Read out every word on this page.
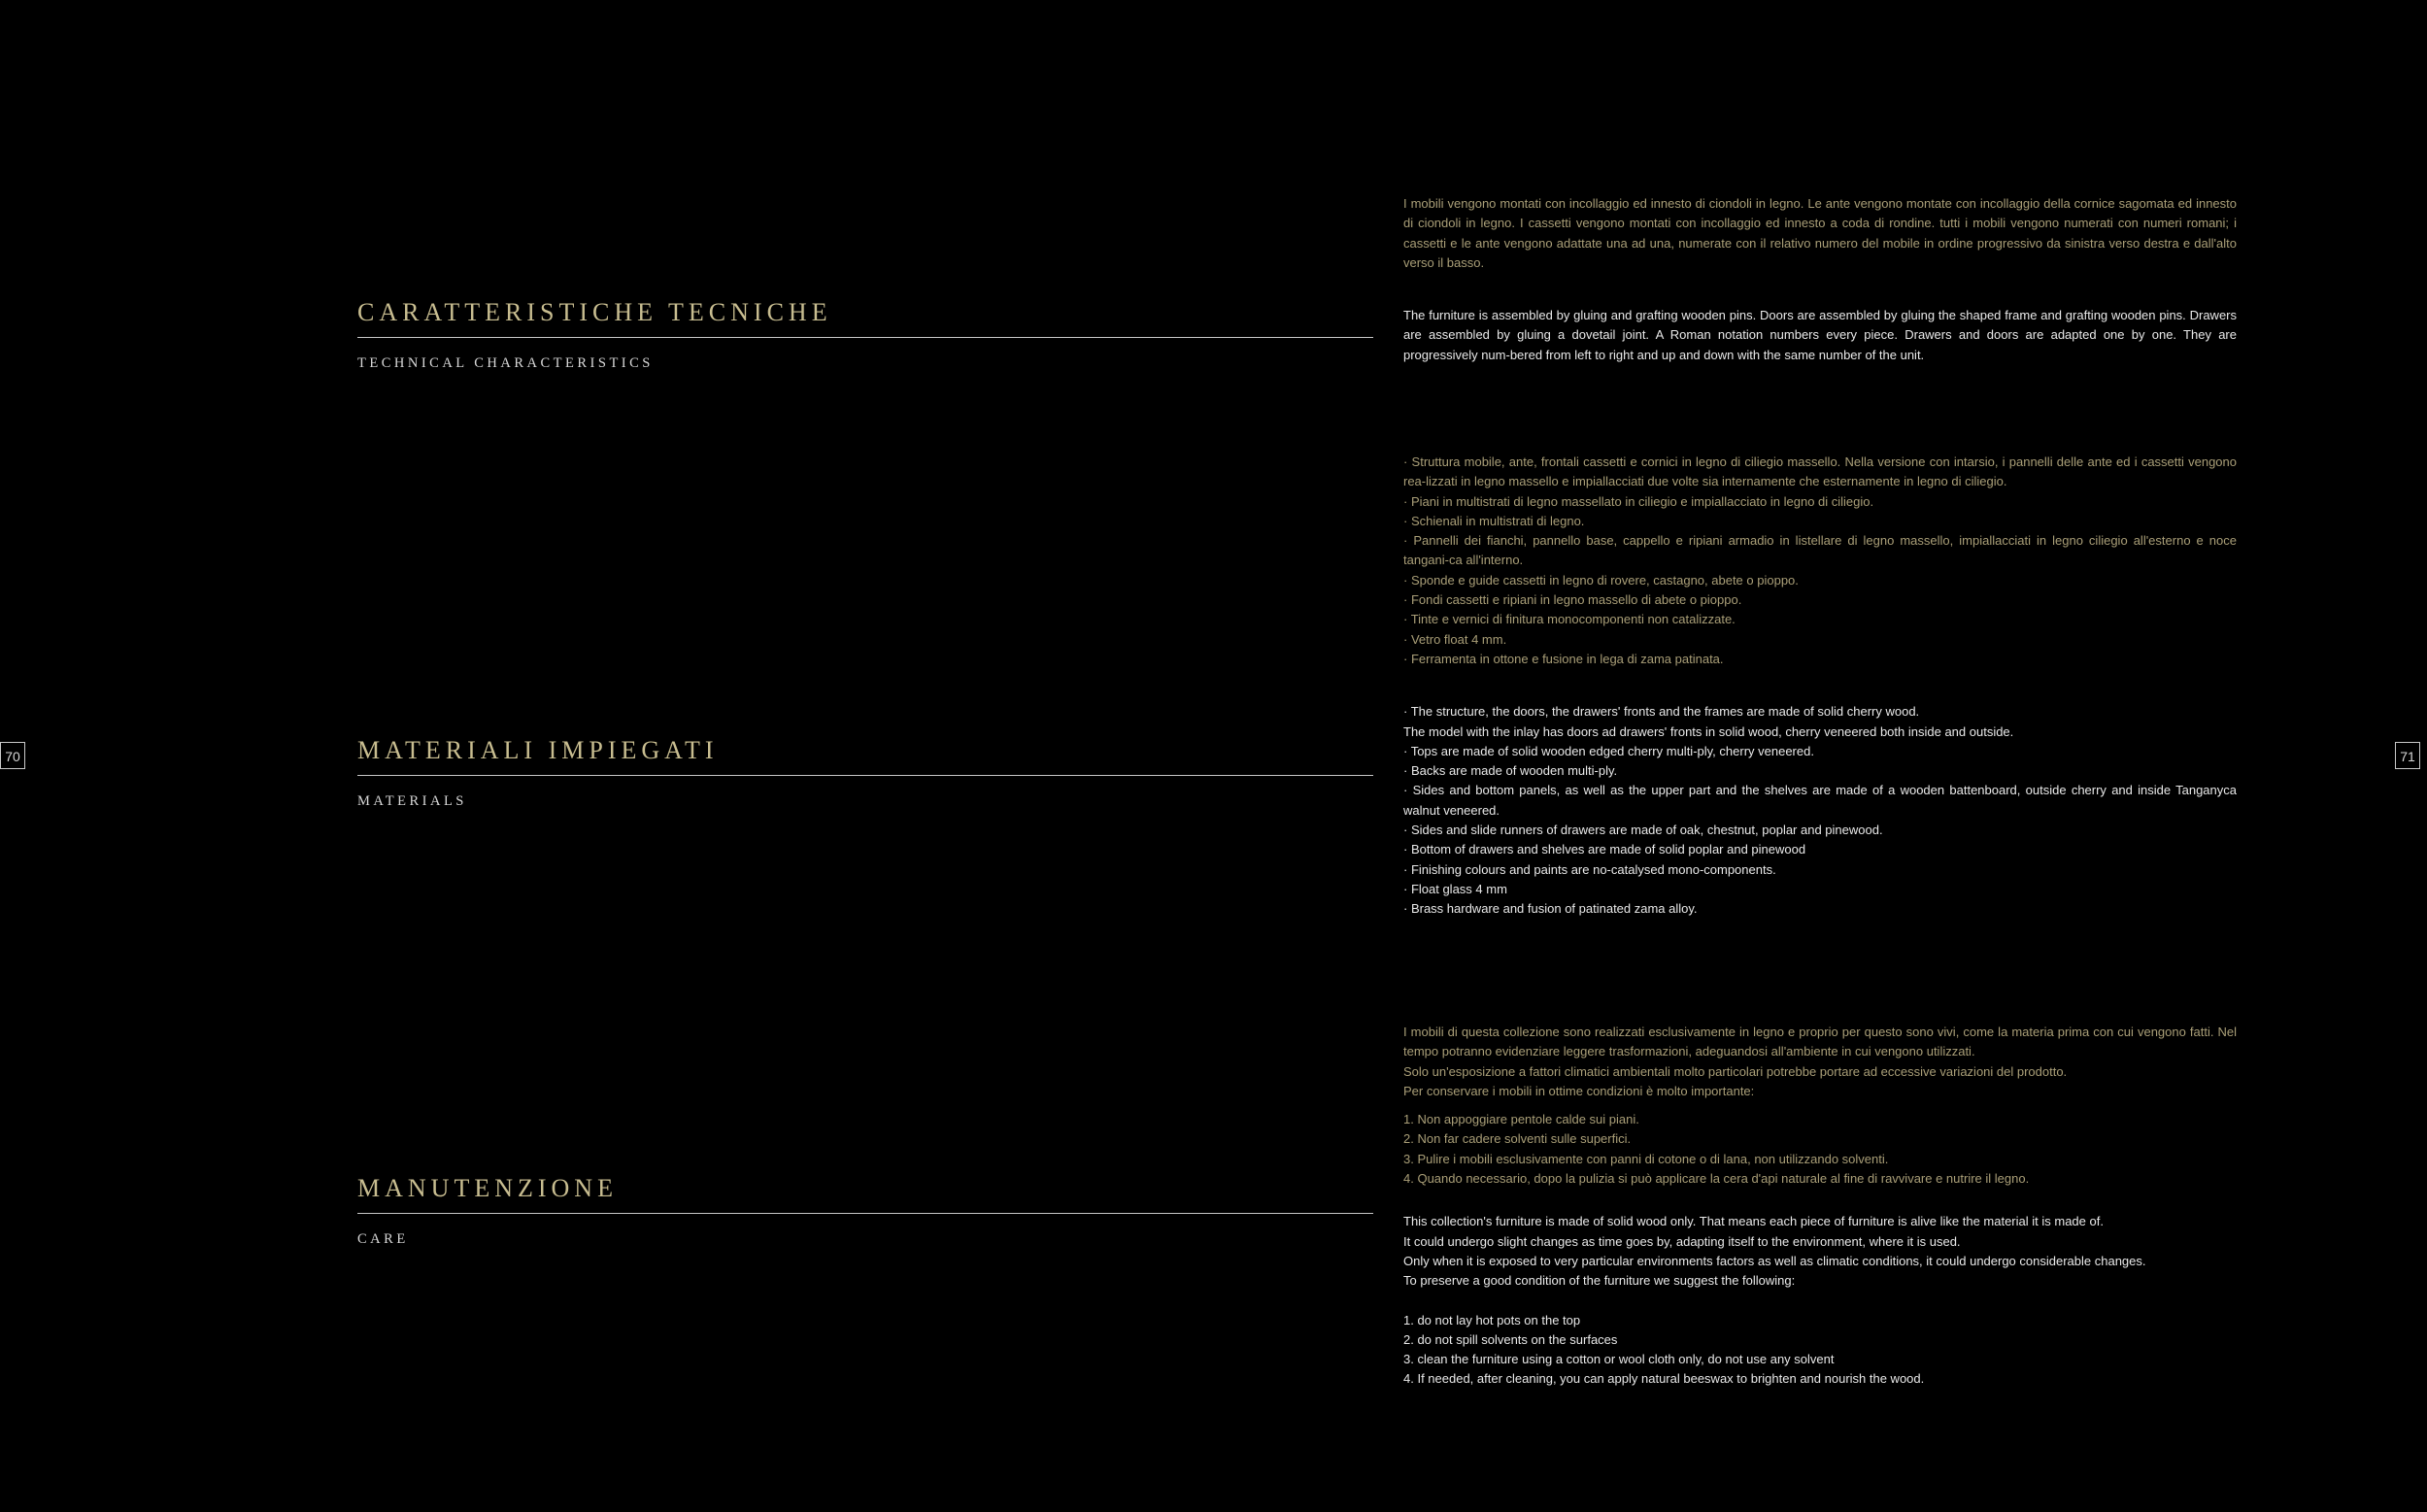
70	71
CARATTERISTICHE TECNICHE

TECHNICAL CHARACTERISTICS

I mobili vengono montati con incollaggio ed innesto di ciondoli in legno. Le ante vengono montate con incollaggio della cornice sagomata ed innesto di ciondoli in legno. I cassetti vengono montati con incollaggio ed innesto a coda di rondine. tutti i mobili vengono numerati con numeri romani; i cassetti e le ante vengono adattate una ad una, numerate con il relativo numero del mobile in ordine progressivo da sinistra verso destra e dall'alto verso il basso.

The furniture is assembled by gluing and grafting wooden pins. Doors are assembled by gluing the shaped frame and grafting wooden pins. Drawers are assembled by gluing a dovetail joint. A Roman notation numbers every piece. Drawers and doors are adapted one by one. They are progressively num-bered from left to right and up and down with the same number of the unit.

MATERIALI IMPIEGATI

MATERIALS

· Struttura mobile, ante, frontali cassetti e cornici in legno di ciliegio massello. Nella versione con intarsio, i pannelli delle ante ed i cassetti vengono rea-lizzati in legno massello e impiallacciati due volte sia internamente che esternamente in legno di ciliegio.
· Piani in multistrati di legno massellato in ciliegio e impiallacciato in legno di ciliegio.
· Schienali in multistrati di legno.
· Pannelli dei fianchi, pannello base, cappello e ripiani armadio in listellare di legno massello, impiallacciati in legno ciliegio all'esterno e noce tangani-ca all'interno.
· Sponde e guide cassetti in legno di rovere, castagno, abete o pioppo.
· Fondi cassetti e ripiani in legno massello di abete o pioppo.
· Tinte e vernici di finitura monocomponenti non catalizzate.
· Vetro float 4 mm.
· Ferramenta in ottone e fusione in lega di zama patinata.
· The structure, the doors, the drawers' fronts and the frames are made of solid cherry wood.
The model with the inlay has doors ad drawers' fronts in solid wood, cherry veneered both inside and outside.
· Tops are made of solid wooden edged cherry multi-ply, cherry veneered.
· Backs are made of wooden multi-ply.
· Sides and bottom panels, as well as the upper part and the shelves are made of a wooden battenboard, outside cherry and inside Tanganyca walnut veneered.
· Sides and slide runners of drawers are made of oak, chestnut, poplar and pinewood.
· Bottom of drawers and shelves are made of solid poplar and pinewood
· Finishing colours and paints are no-catalysed mono-components.
· Float glass 4 mm
· Brass hardware and fusion of patinated zama alloy.
MANUTENZIONE

CARE

I mobili di questa collezione sono realizzati esclusivamente in legno e proprio per questo sono vivi, come la materia prima con cui vengono fatti. Nel tempo potranno evidenziare leggere trasformazioni, adeguandosi all'ambiente in cui vengono utilizzati.
Solo un'esposizione a fattori climatici ambientali molto particolari potrebbe portare ad eccessive variazioni del prodotto.
Per conservare i mobili in ottime condizioni è molto importante:
1. Non appoggiare pentole calde sui piani.
2. Non far cadere solventi sulle superfici.
3. Pulire i mobili esclusivamente con panni di cotone o di lana, non utilizzando solventi.
4. Quando necessario, dopo la pulizia si può applicare la cera d'api naturale al fine di ravvivare e nutrire il legno.
This collection's furniture is made of solid wood only. That means each piece of furniture is alive like the material it is made of.
It could undergo slight changes as time goes by, adapting itself to the environment, where it is used.
Only when it is exposed to very particular environments factors as well as climatic conditions, it could undergo considerable changes.
To preserve a good condition of the furniture we suggest the following:
1. do not lay hot pots on the top
2. do not spill solvents on the surfaces
3. clean the furniture using a cotton or wool cloth only, do not use any solvent
4. If needed, after cleaning, you can apply natural beeswax to brighten and nourish the wood.
